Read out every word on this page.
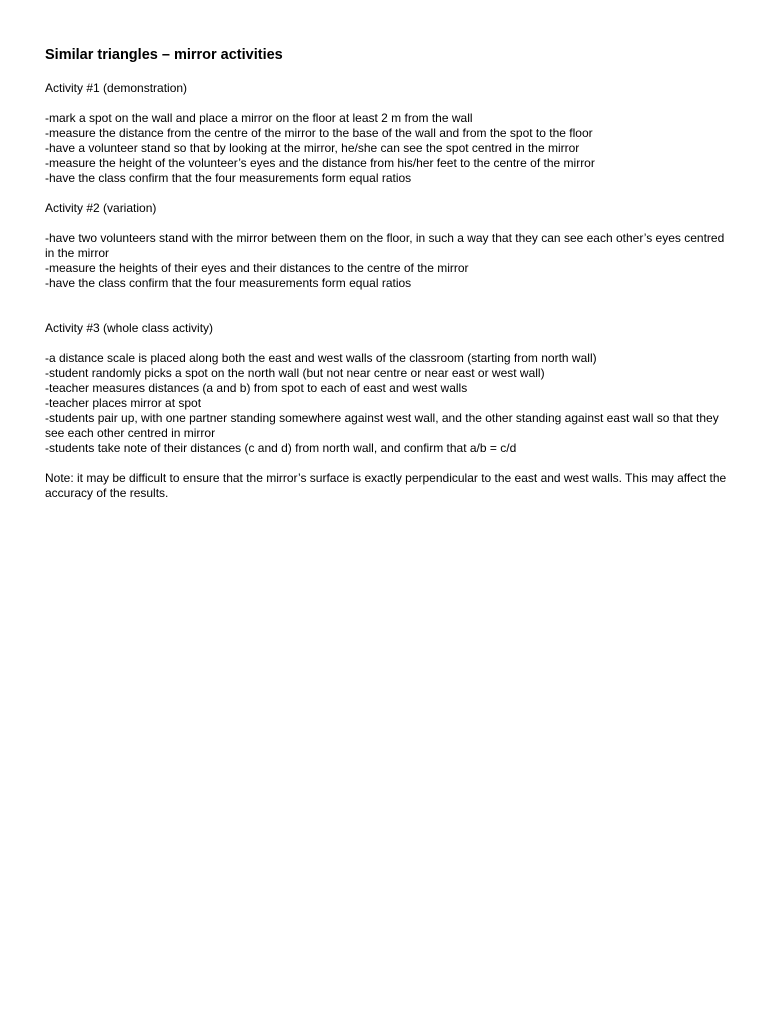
Similar triangles – mirror activities

Activity #1 (demonstration)

-mark a spot on the wall and place a mirror on the floor at least 2 m from the wall

-measure the distance from the centre of the mirror to the base of the wall and from the spot to the floor

-have a volunteer stand so that by looking at the mirror, he/she can see the spot centred in the mirror

-measure the height of the volunteer’s eyes and the distance from his/her feet to the centre of the mirror

-have the class confirm that the four measurements form equal ratios

Activity #2 (variation)

-have two volunteers stand with the mirror between them on the floor, in such a way that they can see each other’s eyes centred in the mirror

-measure the heights of their eyes and their distances to the centre of the mirror

-have the class confirm that the four measurements form equal ratios

Activity #3 (whole class activity)

-a distance scale is placed along both the east and west walls of the classroom (starting from north wall)

-student randomly picks a spot on the north wall (but not near centre or near east or west wall)

-teacher measures distances (a and b) from spot to each of east and west walls

-teacher places mirror at spot

-students pair up, with one partner standing somewhere against west wall, and the other standing against east wall so that they see each other centred in mirror

-students take note of their distances (c and d) from north wall, and confirm that a/b = c/d

Note: it may be difficult to ensure that the mirror’s surface is exactly perpendicular to the east and west walls. This may affect the accuracy of the results.
